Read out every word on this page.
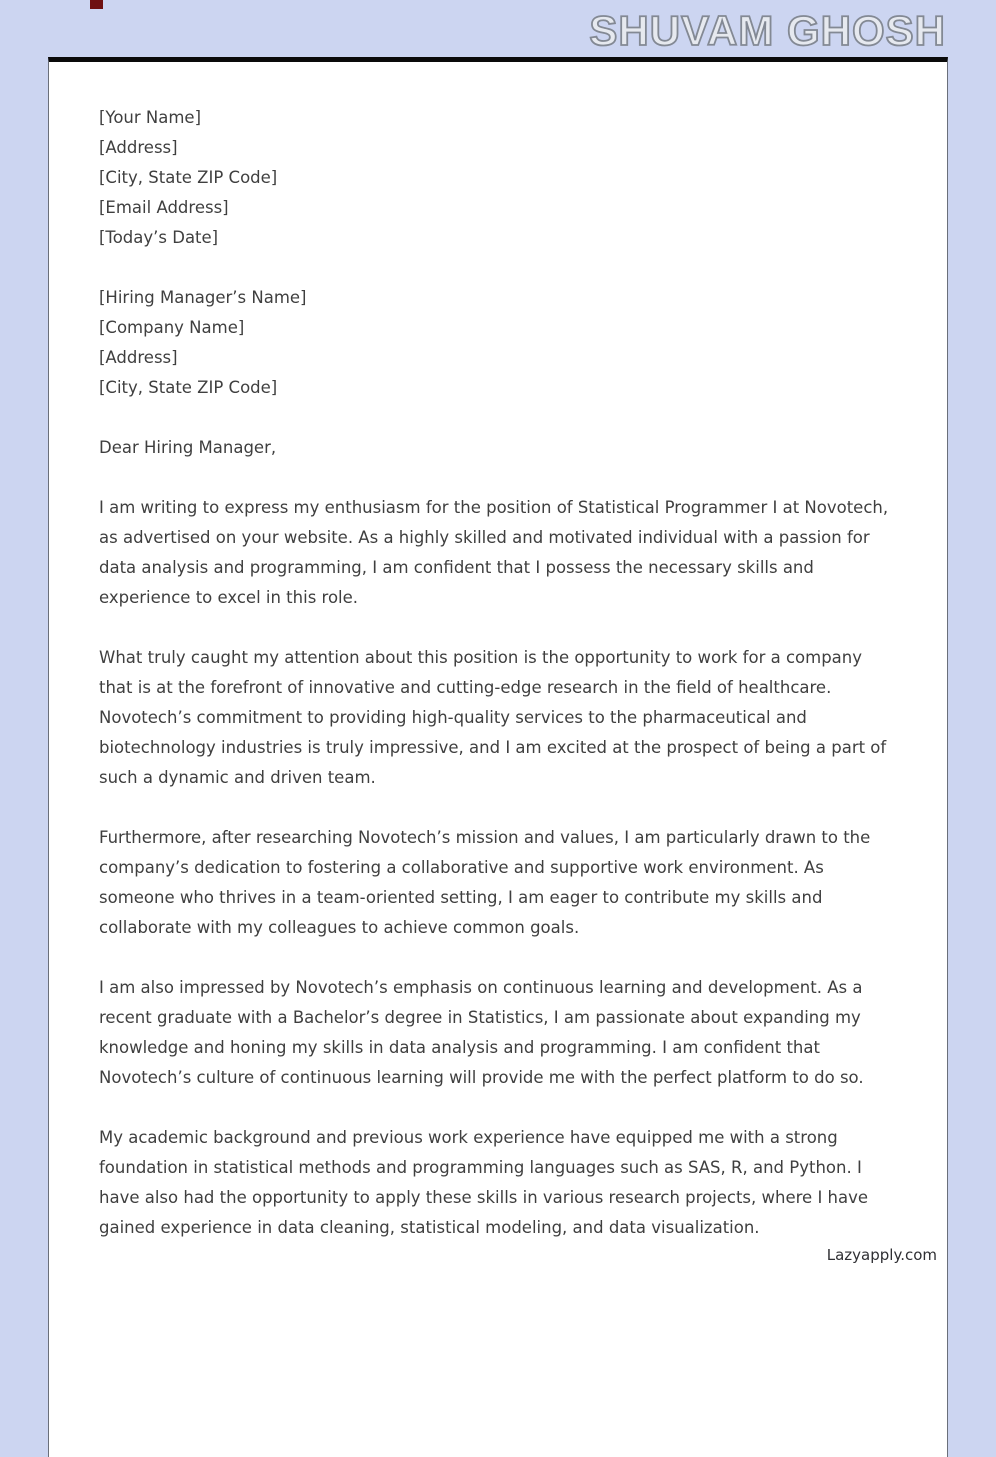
SHUVAM GHOSH
[Your Name]
[Address]
[City, State ZIP Code]
[Email Address]
[Today’s Date]
[Hiring Manager’s Name]
[Company Name]
[Address]
[City, State ZIP Code]

Dear Hiring Manager,

I am writing to express my enthusiasm for the position of Statistical Programmer I at Novotech, as advertised on your website. As a highly skilled and motivated individual with a passion for data analysis and programming, I am confident that I possess the necessary skills and experience to excel in this role.

What truly caught my attention about this position is the opportunity to work for a company that is at the forefront of innovative and cutting-edge research in the field of healthcare. Novotech’s commitment to providing high-quality services to the pharmaceutical and biotechnology industries is truly impressive, and I am excited at the prospect of being a part of such a dynamic and driven team.

Furthermore, after researching Novotech’s mission and values, I am particularly drawn to the company’s dedication to fostering a collaborative and supportive work environment. As someone who thrives in a team-oriented setting, I am eager to contribute my skills and collaborate with my colleagues to achieve common goals.

I am also impressed by Novotech’s emphasis on continuous learning and development. As a recent graduate with a Bachelor’s degree in Statistics, I am passionate about expanding my knowledge and honing my skills in data analysis and programming. I am confident that Novotech’s culture of continuous learning will provide me with the perfect platform to do so.

My academic background and previous work experience have equipped me with a strong foundation in statistical methods and programming languages such as SAS, R, and Python. I have also had the opportunity to apply these skills in various research projects, where I have gained experience in data cleaning, statistical modeling, and data visualization.

Lazyapply.com
